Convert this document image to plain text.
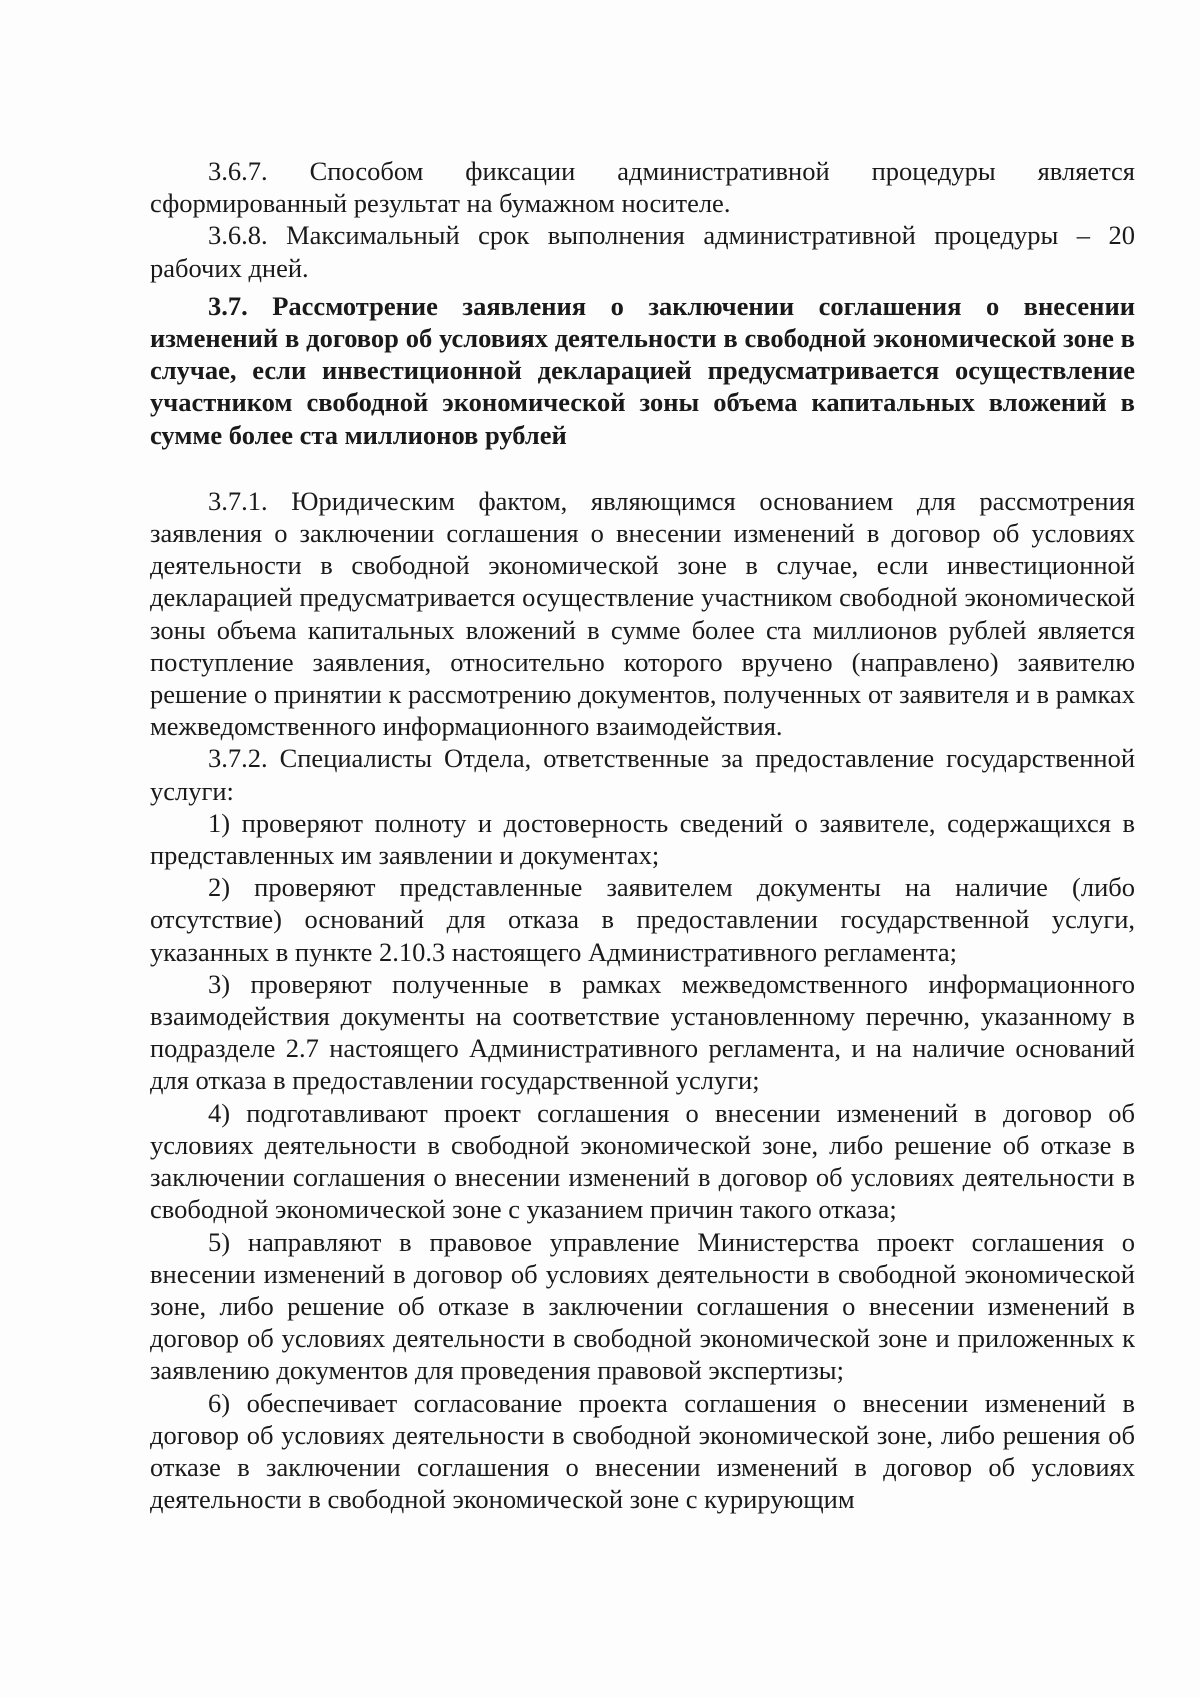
3.6.7. Способом фиксации административной процедуры является сформированный результат на бумажном носителе.

3.6.8. Максимальный срок выполнения административной процедуры – 20 рабочих дней.

3.7. Рассмотрение заявления о заключении соглашения о внесении изменений в договор об условиях деятельности в свободной экономической зоне в случае, если инвестиционной декларацией предусматривается осуществление участником свободной экономической зоны объема капитальных вложений в сумме более ста миллионов рублей

3.7.1. Юридическим фактом, являющимся основанием для рассмотрения заявления о заключении соглашения о внесении изменений в договор об условиях деятельности в свободной экономической зоне в случае, если инвестиционной декларацией предусматривается осуществление участником свободной экономической зоны объема капитальных вложений в сумме более ста миллионов рублей является поступление заявления, относительно которого вручено (направлено) заявителю решение о принятии к рассмотрению документов, полученных от заявителя и в рамках межведомственного информационного взаимодействия.

3.7.2. Специалисты Отдела, ответственные за предоставление государственной услуги:

1) проверяют полноту и достоверность сведений о заявителе, содержащихся в представленных им заявлении и документах;

2) проверяют представленные заявителем документы на наличие (либо отсутствие) оснований для отказа в предоставлении государственной услуги, указанных в пункте 2.10.3 настоящего Административного регламента;

3) проверяют полученные в рамках межведомственного информационного взаимодействия документы на соответствие установленному перечню, указанному в подразделе 2.7 настоящего Административного регламента, и на наличие оснований для отказа в предоставлении государственной услуги;

4) подготавливают проект соглашения о внесении изменений в договор об условиях деятельности в свободной экономической зоне, либо решение об отказе в заключении соглашения о внесении изменений в договор об условиях деятельности в свободной экономической зоне с указанием причин такого отказа;

5) направляют в правовое управление Министерства проект соглашения о внесении изменений в договор об условиях деятельности в свободной экономической зоне, либо решение об отказе в заключении соглашения о внесении изменений в договор об условиях деятельности в свободной экономической зоне и приложенных к заявлению документов для проведения правовой экспертизы;

6) обеспечивает согласование проекта соглашения о внесении изменений в договор об условиях деятельности в свободной экономической зоне, либо решения об отказе в заключении соглашения о внесении изменений в договор об условиях деятельности в свободной экономической зоне с курирующим
